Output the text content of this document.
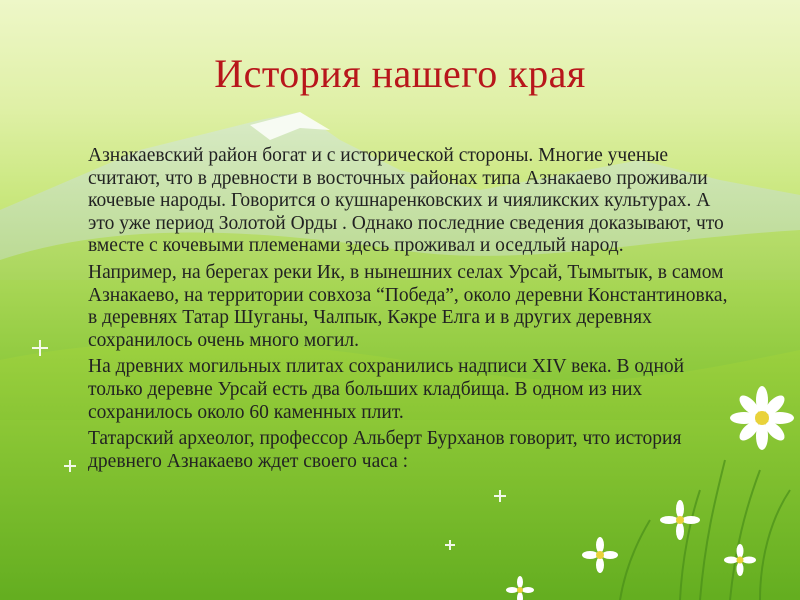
История нашего края

Азнакаевский район богат и с исторической стороны. Многие ученые считают, что в древности в восточных районах типа Азнакаево проживали кочевые народы. Говорится о кушнаренковских и чияликских культурах. А это уже период Золотой Орды . Однако последние сведения доказывают, что вместе с кочевыми племенами здесь проживал и оседлый народ.

Например, на берегах реки Ик, в нынешних селах Урсай, Тымытык, в самом Азнакаево, на территории совхоза “Победа”, около деревни Константиновка, в деревнях Татар Шуганы, Чалпык, Кәкре Елга и в других деревнях сохранилось очень много могил.

На древних могильных плитах сохранились надписи XIV века. В одной только деревне Урсай есть два больших кладбища. В одном из них сохранилось около 60 каменных плит.

Татарский археолог, профессор Альберт Бурханов говорит, что история древнего Азнакаево ждет своего часа :
